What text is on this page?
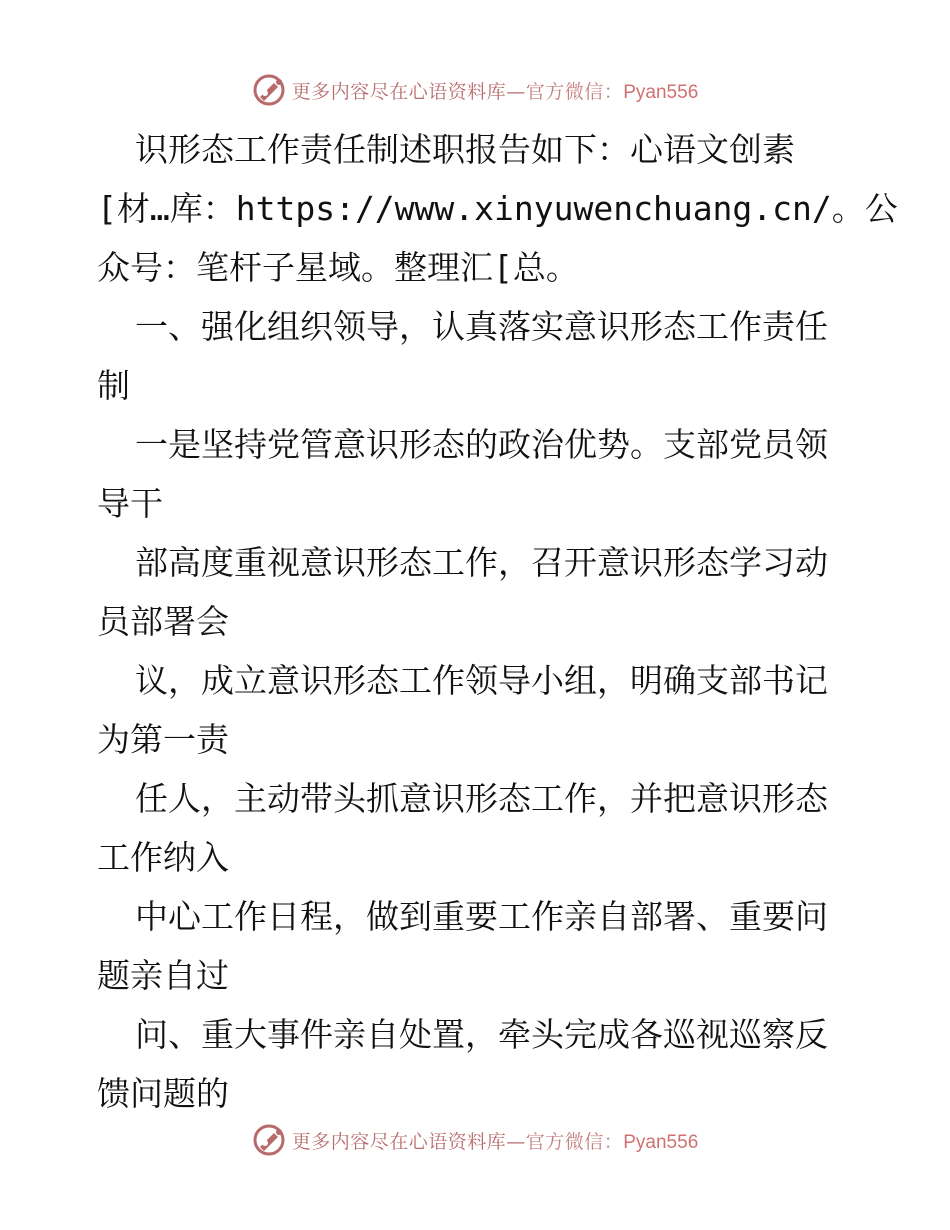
更多内容尽在心语资料库—官方微信：Pyan556
识形态工作责任制述职报告如下：心语文创素
[材…库：https://www.xinyuwenchuang.cn/。公
众号：笔杆子星域。整理汇[总。
一、强化组织领导，认真落实意识形态工作责任
制
一是坚持党管意识形态的政治优势。支部党员领
导干
部高度重视意识形态工作，召开意识形态学习动
员部署会
议，成立意识形态工作领导小组，明确支部书记
为第一责
任人，主动带头抓意识形态工作，并把意识形态
工作纳入
中心工作日程，做到重要工作亲自部署、重要问
题亲自过
问、重大事件亲自处置，牵头完成各巡视巡察反
馈问题的
更多内容尽在心语资料库—官方微信：Pyan556
